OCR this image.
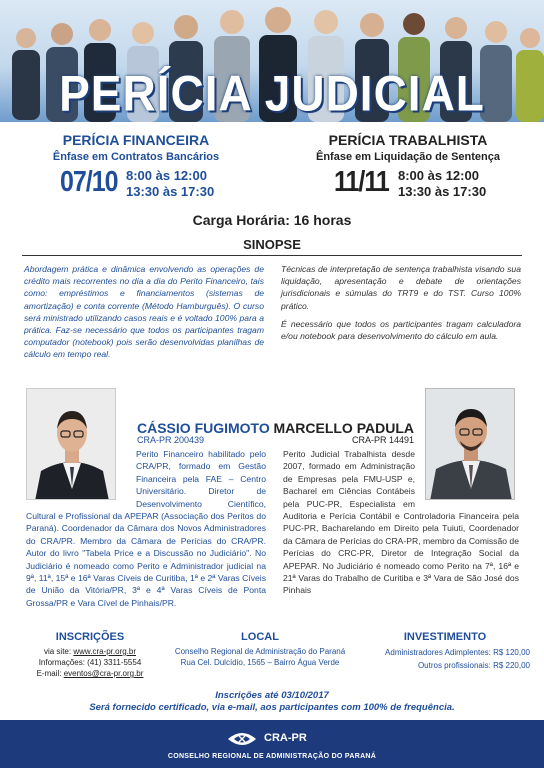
PERÍCIA JUDICIAL
PERÍCIA FINANCEIRA
Ênfase em Contratos Bancários
07/10 8:00 às 12:00
13:30 às 17:30
PERÍCIA TRABALHISTA
Ênfase em Liquidação de Sentença
11/11 8:00 às 12:00
13:30 às 17:30
Carga Horária: 16 horas
SINOPSE
Abordagem prática e dinâmica envolvendo as operações de crédito mais recorrentes no dia a dia do Perito Financeiro, tais como: empréstimos e financiamentos (sistemas de amortização) e conta corrente (Método Hamburguês). O curso será ministrado utilizando casos reais e é voltado 100% para a prática. Faz-se necessário que todos os participantes tragam computador (notebook) pois serão desenvolvidas planilhas de cálculo em tempo real.

Técnicas de interpretação de sentença trabalhista visando sua liquidação, apresentação e debate de orientações jurisdicionais e súmulas do TRT9 e do TST. Curso 100% prático.

É necessário que todos os participantes tragam calculadora e/ou notebook para desenvolvimento do cálculo em aula.

CÁSSIO FUGIMOTO
CRA-PR 200439
Perito Financeiro habilitado pelo CRA/PR, formado em Gestão Financeira pela FAE – Centro Universitário. Diretor de Desenvolvimento Científico, Cultural e Profissional da APEPAR (Associação dos Peritos do Paraná). Coordenador da Câmara dos Novos Administradores do CRA/PR. Membro da Câmara de Perícias do CRA/PR. Autor do livro "Tabela Price e a Discussão no Judiciário". No Judiciário é nomeado como Perito e Administrador judicial na 9ª, 11ª, 15ª e 16ª Varas Cíveis de Curitiba, 1ª e 2ª Varas Cíveis de União da Vitória/PR, 3ª e 4ª Varas Cíveis de Ponta Grossa/PR e Vara Cível de Pinhais/PR.
MARCELLO PADULA
CRA-PR 14491
Perito Judicial Trabalhista desde 2007, formado em Administração de Empresas pela FMU-USP e, Bacharel em Ciências Contábeis pela PUC-PR, Especialista em Auditoria e Perícia Contábil e Controladoria Financeira pela PUC-PR, Bacharelando em Direito pela Tuiuti, Coordenador da Câmara de Perícias do CRA-PR, membro da Comissão de Perícias do CRC-PR, Diretor de Integração Social da APEPAR. No Judiciário é nomeado como Perito na 7ª, 16ª e 21ª Varas do Trabalho de Curitiba e 3ª Vara de São José dos Pinhais
INSCRIÇÕES
via site: www.cra-pr.org.br
Informações: (41) 3311-5554
E-mail: eventos@cra-pr.org.br
LOCAL
Conselho Regional de Administração do Paraná
Rua Cel. Dulcídio, 1565 – Bairro Água Verde
INVESTIMENTO
Administradores Adimplentes: R$ 120,00
Outros profissionais: R$ 220,00
Inscrições até 03/10/2017
Será fornecido certificado, via e-mail, aos participantes com 100% de frequência.
CRA-PR
CONSELHO REGIONAL DE ADMINISTRAÇÃO DO PARANÁ
